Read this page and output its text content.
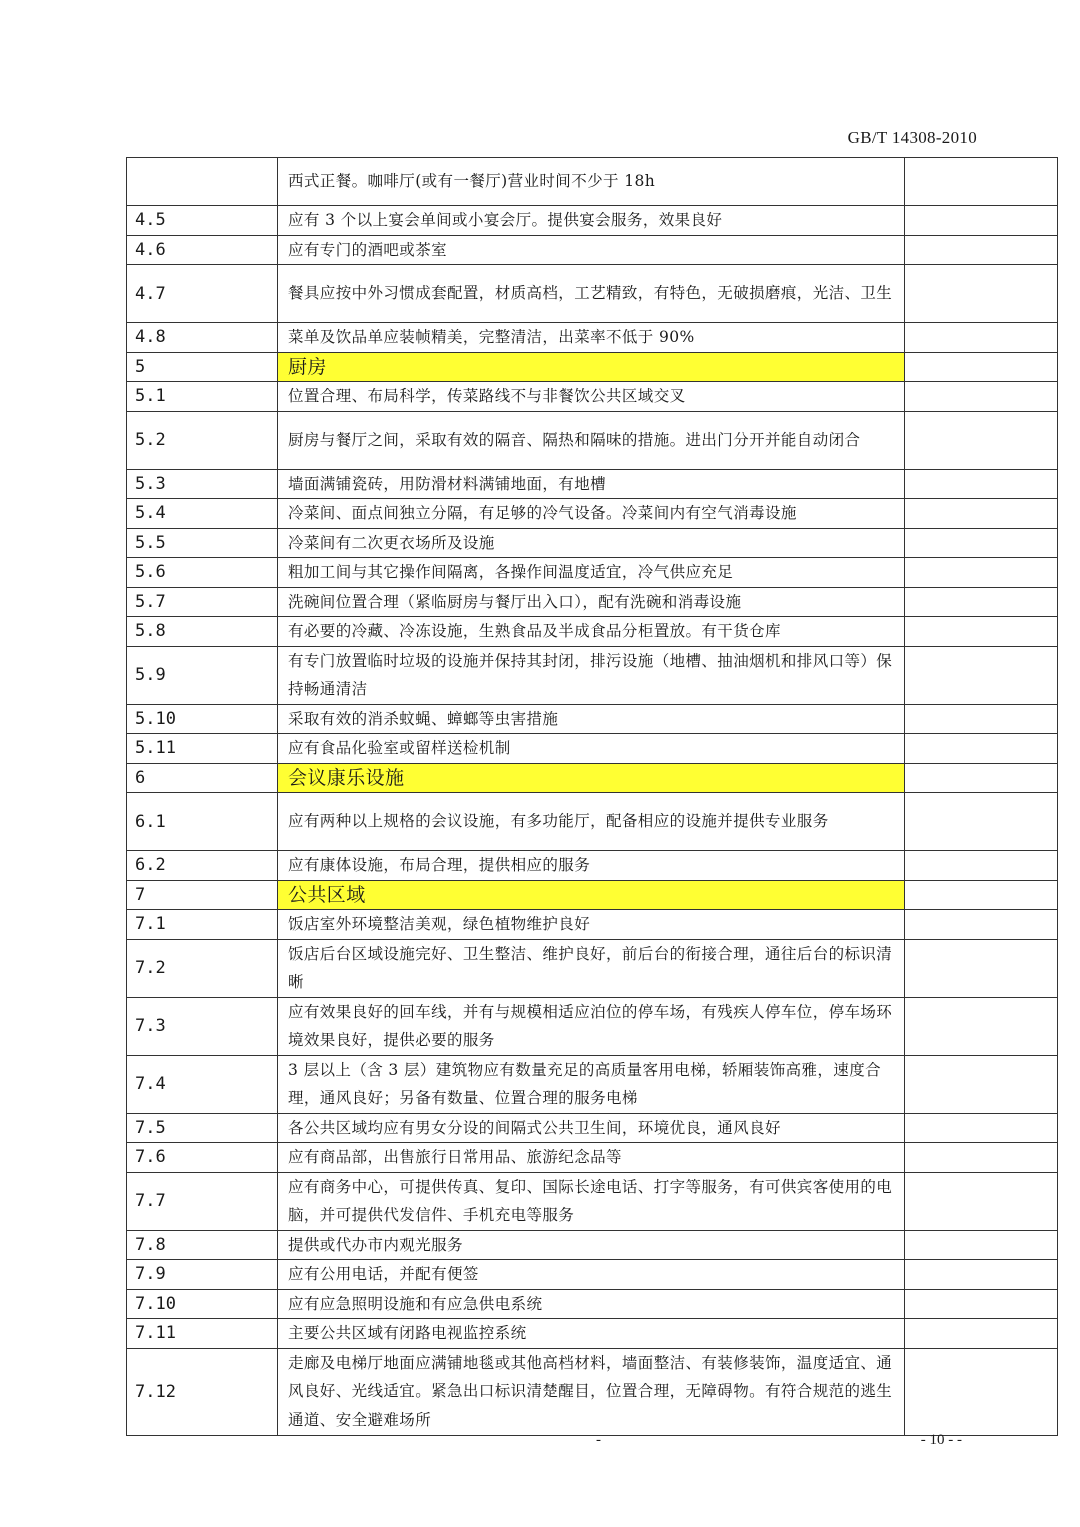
GB/T 14308-2010
	西式正餐。咖啡厅(或有一餐厅)营业时间不少于 18h	
4.5	应有 3 个以上宴会单间或小宴会厅。提供宴会服务，效果良好	
4.6	应有专门的酒吧或茶室	
4.7	餐具应按中外习惯成套配置，材质高档，工艺精致，有特色，无破损磨痕，光洁、卫生	
4.8	菜单及饮品单应装帧精美，完整清洁，出菜率不低于 90%	
5	厨房	
5.1	位置合理、布局科学，传菜路线不与非餐饮公共区域交叉	
5.2	厨房与餐厅之间，采取有效的隔音、隔热和隔味的措施。进出门分开并能自动闭合	
5.3	墙面满铺瓷砖，用防滑材料满铺地面，有地槽	
5.4	冷菜间、面点间独立分隔，有足够的冷气设备。冷菜间内有空气消毒设施	
5.5	冷菜间有二次更衣场所及设施	
5.6	粗加工间与其它操作间隔离，各操作间温度适宜，冷气供应充足	
5.7	洗碗间位置合理（紧临厨房与餐厅出入口），配有洗碗和消毒设施	
5.8	有必要的冷藏、冷冻设施，生熟食品及半成食品分柜置放。有干货仓库	
5.9	有专门放置临时垃圾的设施并保持其封闭，排污设施（地槽、抽油烟机和排风口等）保持畅通清洁	
5.10	采取有效的消杀蚊蝇、蟑螂等虫害措施	
5.11	应有食品化验室或留样送检机制	
6	会议康乐设施	
6.1	应有两种以上规格的会议设施，有多功能厅，配备相应的设施并提供专业服务	
6.2	应有康体设施，布局合理，提供相应的服务	
7	公共区域	
7.1	饭店室外环境整洁美观，绿色植物维护良好	
7.2	饭店后台区域设施完好、卫生整洁、维护良好，前后台的衔接合理，通往后台的标识清晰	
7.3	应有效果良好的回车线，并有与规模相适应泊位的停车场，有残疾人停车位，停车场环境效果良好，提供必要的服务	
7.4	3 层以上（含 3 层）建筑物应有数量充足的高质量客用电梯，轿厢装饰高雅，速度合理，通风良好；另备有数量、位置合理的服务电梯	
7.5	各公共区域均应有男女分设的间隔式公共卫生间，环境优良，通风良好	
7.6	应有商品部，出售旅行日常用品、旅游纪念品等	
7.7	应有商务中心，可提供传真、复印、国际长途电话、打字等服务，有可供宾客使用的电脑，并可提供代发信件、手机充电等服务	
7.8	提供或代办市内观光服务	
7.9	应有公用电话，并配有便签	
7.10	应有应急照明设施和有应急供电系统	
7.11	主要公共区域有闭路电视监控系统	
7.12	走廊及电梯厅地面应满铺地毯或其他高档材料，墙面整洁、有装修装饰，温度适宜、通风良好、光线适宜。紧急出口标识清楚醒目，位置合理，无障碍物。有符合规范的逃生通道、安全避难场所	
-	- 10 - -
